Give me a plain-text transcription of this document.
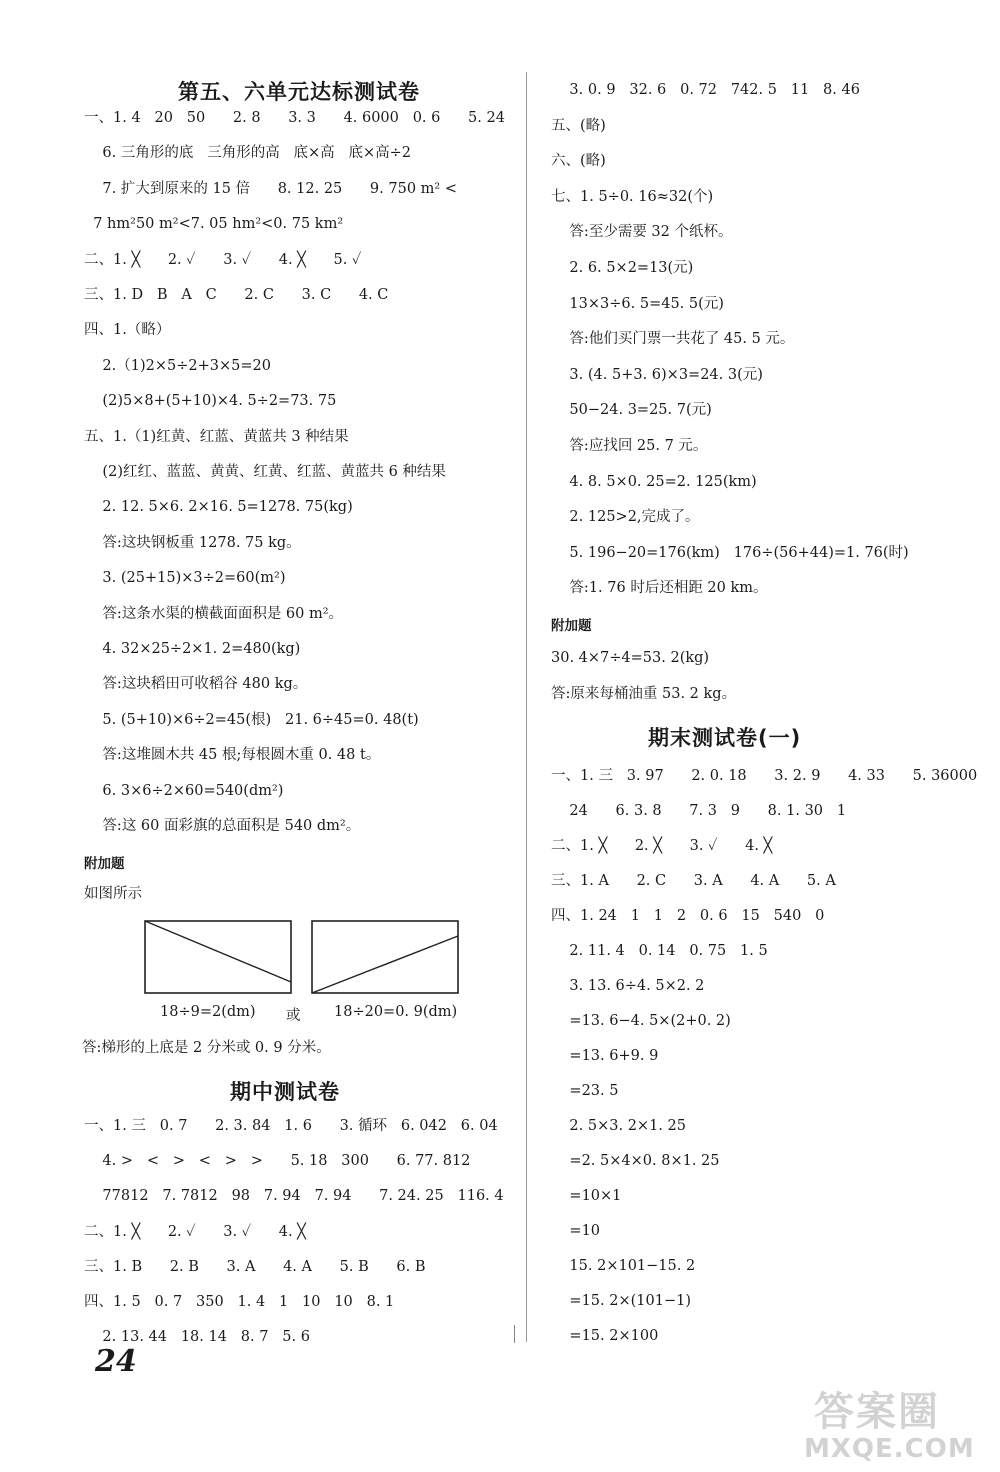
第五、六单元达标测试卷
一、1. 4   20   50      2. 8      3. 3      4. 6000   0. 6      5. 24
6. 三角形的底   三角形的高   底×高   底×高÷2
7. 扩大到原来的 15 倍      8. 12. 25      9. 750 m² <
7 hm²50 m²<7. 05 hm²<0. 75 km²
二、1. ╳      2. ✓      3. ✓      4. ╳      5. ✓
三、1. D   B   A   C      2. C      3. C      4. C
四、1.（略）
2.（1)2×5÷2+3×5=20
(2)5×8+(5+10)×4. 5÷2=73. 75
五、1.（1)红黄、红蓝、黄蓝共 3 种结果
(2)红红、蓝蓝、黄黄、红黄、红蓝、黄蓝共 6 种结果
2. 12. 5×6. 2×16. 5=1278. 75(kg)
答:这块钢板重 1278. 75 kg。
3. (25+15)×3÷2=60(m²)
答:这条水渠的横截面面积是 60 m²。
4. 32×25÷2×1. 2=480(kg)
答:这块稻田可收稻谷 480 kg。
5. (5+10)×6÷2=45(根)   21. 6÷45=0. 48(t)
答:这堆圆木共 45 根;每根圆木重 0. 48 t。
6. 3×6÷2×60=540(dm²)
答:这 60 面彩旗的总面积是 540 dm²。
附加题
如图所示
18÷9=2(dm) 或 18÷20=0. 9(dm)
答:梯形的上底是 2 分米或 0. 9 分米。
期中测试卷
一、1. 三   0. 7      2. 3. 84   1. 6      3. 循环   6. 042   6. 04
4. >   <   >   <   >   >      5. 18   300      6. 77. 812
77812   7. 7812   98   7. 94   7. 94      7. 24. 25   116. 4
二、1. ╳      2. ✓      3. ✓      4. ╳
三、1. B      2. B      3. A      4. A      5. B      6. B
四、1. 5   0. 7   350   1. 4   1   10   10   8. 1
2. 13. 44   18. 14   8. 7   5. 6
24
3. 0. 9   32. 6   0. 72   742. 5   11   8. 46
五、(略)
六、(略)
七、1. 5÷0. 16≈32(个)
答:至少需要 32 个纸杯。
2. 6. 5×2=13(元)
13×3÷6. 5=45. 5(元)
答:他们买门票一共花了 45. 5 元。
3. (4. 5+3. 6)×3=24. 3(元)
50−24. 3=25. 7(元)
答:应找回 25. 7 元。
4. 8. 5×0. 25=2. 125(km)
2. 125>2,完成了。
5. 196−20=176(km)   176÷(56+44)=1. 76(时)
答:1. 76 时后还相距 20 km。
附加题
30. 4×7÷4=53. 2(kg)
答:原来每桶油重 53. 2 kg。
期末测试卷(一)
一、1. 三   3. 97      2. 0. 18      3. 2. 9      4. 33      5. 36000
24      6. 3. 8      7. 3   9      8. 1. 30   1
二、1. ╳      2. ╳      3. ✓      4. ╳
三、1. A      2. C      3. A      4. A      5. A
四、1. 24   1   1   2   0. 6   15   540   0
2. 11. 4   0. 14   0. 75   1. 5
3. 13. 6÷4. 5×2. 2
=13. 6−4. 5×(2+0. 2)
=13. 6+9. 9
=23. 5
2. 5×3. 2×1. 25
=2. 5×4×0. 8×1. 25
=10×1
=10
15. 2×101−15. 2
=15. 2×(101−1)
=15. 2×100
答案圈
MXQE.COM
